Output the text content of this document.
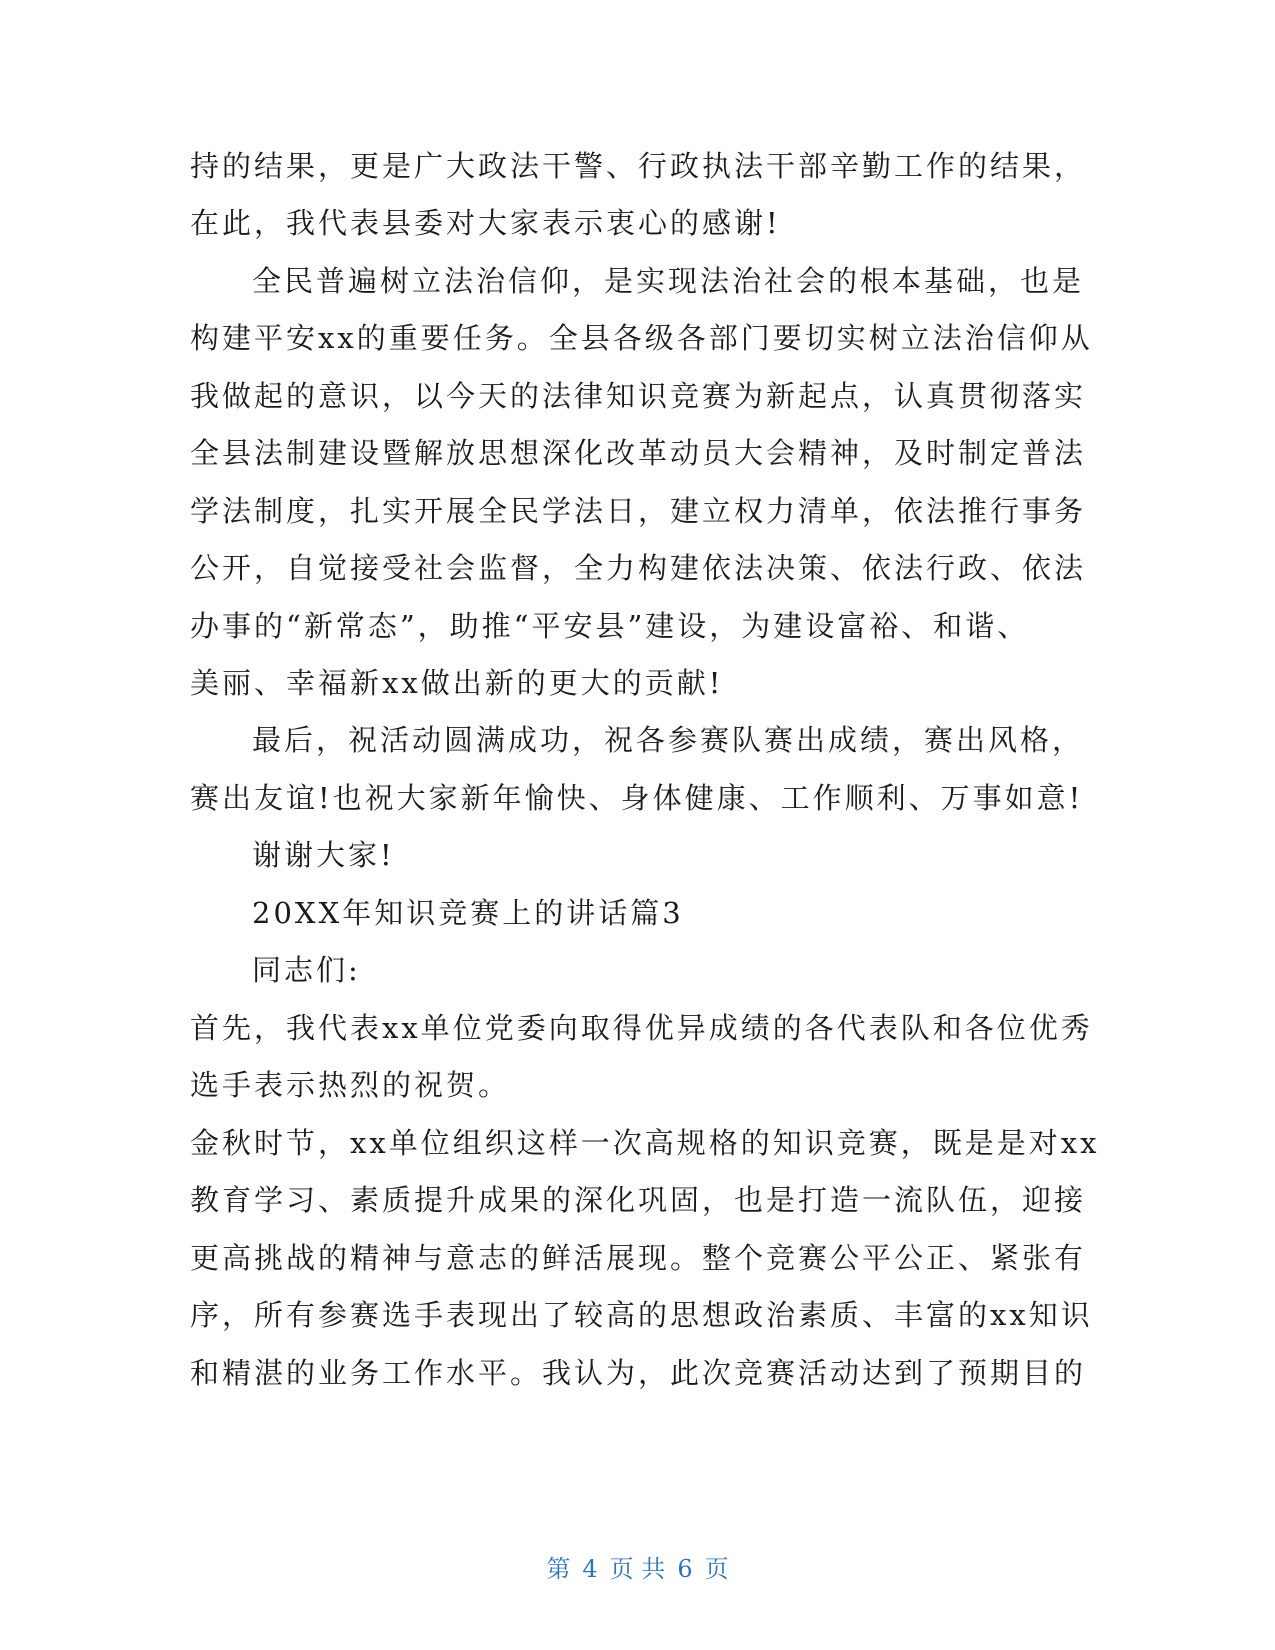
持的结果，更是广大政法干警、行政执法干部辛勤工作的结果，
在此，我代表县委对大家表示衷心的感谢!
全民普遍树立法治信仰，是实现法治社会的根本基础，也是
构建平安xx的重要任务。全县各级各部门要切实树立法治信仰从
我做起的意识，以今天的法律知识竞赛为新起点，认真贯彻落实
全县法制建设暨解放思想深化改革动员大会精神，及时制定普法
学法制度，扎实开展全民学法日，建立权力清单，依法推行事务
公开，自觉接受社会监督，全力构建依法决策、依法行政、依法
办事的“新常态”，助推“平安县”建设，为建设富裕、和谐、
美丽、幸福新xx做出新的更大的贡献!
最后，祝活动圆满成功，祝各参赛队赛出成绩，赛出风格，
赛出友谊!也祝大家新年愉快、身体健康、工作顺利、万事如意!
谢谢大家!
20XX年知识竞赛上的讲话篇3
同志们:
首先，我代表xx单位党委向取得优异成绩的各代表队和各位优秀
选手表示热烈的祝贺。
金秋时节，xx单位组织这样一次高规格的知识竞赛，既是是对xx
教育学习、素质提升成果的深化巩固，也是打造一流队伍，迎接
更高挑战的精神与意志的鲜活展现。整个竞赛公平公正、紧张有
序，所有参赛选手表现出了较高的思想政治素质、丰富的xx知识
和精湛的业务工作水平。我认为，此次竞赛活动达到了预期目的
第 4 页 共 6 页
